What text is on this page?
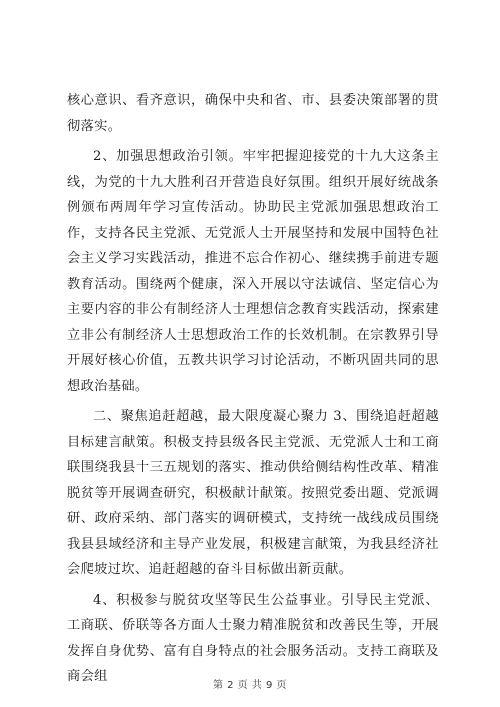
核心意识、看齐意识，确保中央和省、市、县委决策部署的贯彻落实。

2、加强思想政治引领。牢牢把握迎接党的十九大这条主线，为党的十九大胜利召开营造良好氛围。组织开展好统战条例颁布两周年学习宣传活动。协助民主党派加强思想政治工作，支持各民主党派、无党派人士开展坚持和发展中国特色社会主义学习实践活动，推进不忘合作初心、继续携手前进专题教育活动。围绕两个健康，深入开展以守法诚信、坚定信心为主要内容的非公有制经济人士理想信念教育实践活动，探索建立非公有制经济人士思想政治工作的长效机制。在宗教界引导开展好核心价值，五教共识学习讨论活动，不断巩固共同的思想政治基础。

二、聚焦追赶超越，最大限度凝心聚力 3、围绕追赶超越目标建言献策。积极支持县级各民主党派、无党派人士和工商联围绕我县十三五规划的落实、推动供给侧结构性改革、精准脱贫等开展调查研究，积极献计献策。按照党委出题、党派调研、政府采纳、部门落实的调研模式，支持统一战线成员围绕我县县域经济和主导产业发展，积极建言献策，为我县经济社会爬坡过坎、追赶超越的奋斗目标做出新贡献。

4、积极参与脱贫攻坚等民生公益事业。引导民主党派、工商联、侨联等各方面人士聚力精准脱贫和改善民生等，开展发挥自身优势、富有自身特点的社会服务活动。支持工商联及商会组

第 2 页 共 9 页
